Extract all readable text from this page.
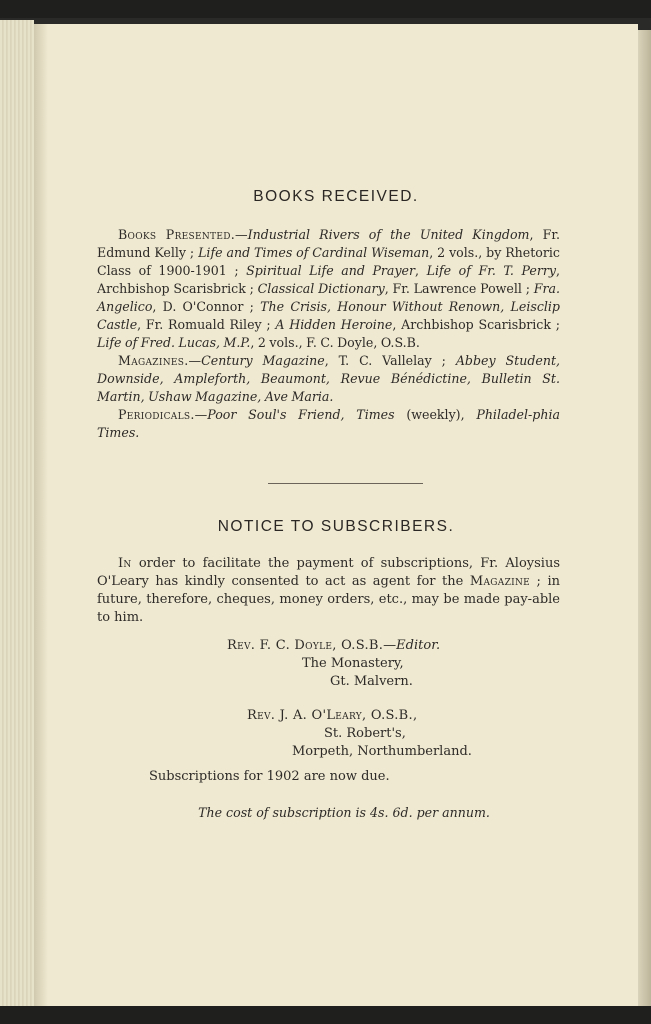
BOOKS RECEIVED.

Books Presented.—Industrial Rivers of the United Kingdom, Fr. Edmund Kelly ; Life and Times of Cardinal Wiseman, 2 vols., by Rhetoric Class of 1900-1901 ; Spiritual Life and Prayer, Life of Fr. T. Perry, Archbishop Scarisbrick ; Classical Dictionary, Fr. Lawrence Powell ; Fra. Angelico, D. O'Connor ; The Crisis, Honour Without Renown, Leisclip Castle, Fr. Romuald Riley ; A Hidden Heroine, Archbishop Scarisbrick ; Life of Fred. Lucas, M.P., 2 vols., F. C. Doyle, O.S.B.

Magazines.—Century Magazine, T. C. Vallelay ; Abbey Student, Downside, Ampleforth, Beaumont, Revue Bénédictine, Bulletin St. Martin, Ushaw Magazine, Ave Maria.

Periodicals.—Poor Soul's Friend, Times (weekly), Philadel-phia Times.

NOTICE TO SUBSCRIBERS.

In order to facilitate the payment of subscriptions, Fr. Aloysius O'Leary has kindly consented to act as agent for the Magazine ; in future, therefore, cheques, money orders, etc., may be made pay-able to him.

Rev. F. C. Doyle, O.S.B.—Editor.
The Monastery,
Gt. Malvern.
Rev. J. A. O'Leary, O.S.B.,
St. Robert's,
Morpeth, Northumberland.
Subscriptions for 1902 are now due.
The cost of subscription is 4s. 6d. per annum.
